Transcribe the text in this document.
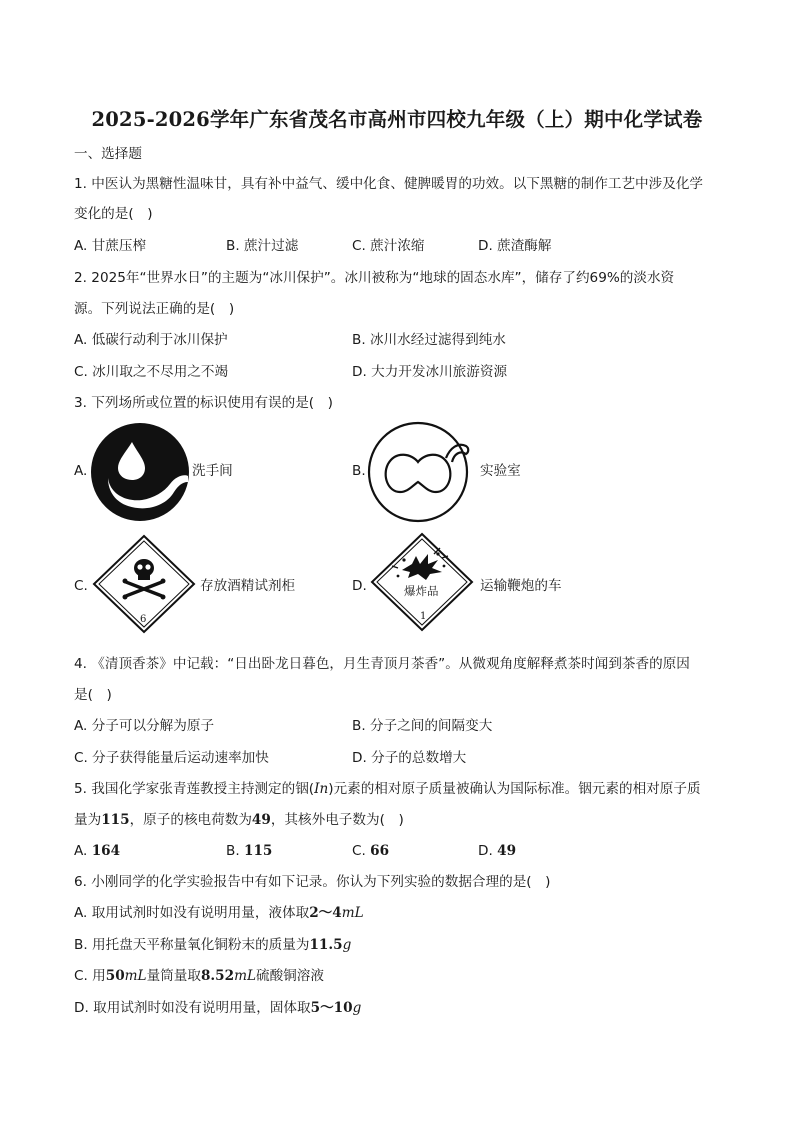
2025-2026学年广东省茂名市高州市四校九年级（上）期中化学试卷
一、选择题
1. 中医认为黑糖性温味甘，具有补中益气、缓中化食、健脾暖胃的功效。以下黑糖的制作工艺中涉及化学
变化的是(　)
A. 甘蔗压榨	B. 蔗汁过滤	C. 蔗汁浓缩	D. 蔗渣酶解
2. 2025年“世界水日”的主题为“冰川保护”。冰川被称为“地球的固态水库”，储存了约69%的淡水资
源。下列说法正确的是(　)
A. 低碳行动利于冰川保护	B. 冰川水经过滤得到纯水
C. 冰川取之不尽用之不竭	D. 大力开发冰川旅游资源
3. 下列场所或位置的标识使用有误的是(　)
A.	洗手间	B.	实验室
C.
6
存放酒精试剂柜	D.	爆炸品
1
运输鞭炮的车
4. 《清顶香茶》中记载：“日出卧龙日暮色，月生青顶月茶香”。从微观角度解释煮茶时闻到茶香的原因
是(　)
A. 分子可以分解为原子	B. 分子之间的间隔变大
C. 分子获得能量后运动速率加快	D. 分子的总数增大
5. 我国化学家张青莲教授主持测定的铟(In)元素的相对原子质量被确认为国际标准。铟元素的相对原子质
量为115，原子的核电荷数为49，其核外电子数为(　)
A. 164	B. 115	C. 66	D. 49
6. 小刚同学的化学实验报告中有如下记录。你认为下列实验的数据合理的是(　)
A. 取用试剂时如没有说明用量，液体取2～4mL
B. 用托盘天平称量氧化铜粉末的质量为11.5g
C. 用50mL量筒量取8.52mL硫酸铜溶液
D. 取用试剂时如没有说明用量，固体取5～10g
